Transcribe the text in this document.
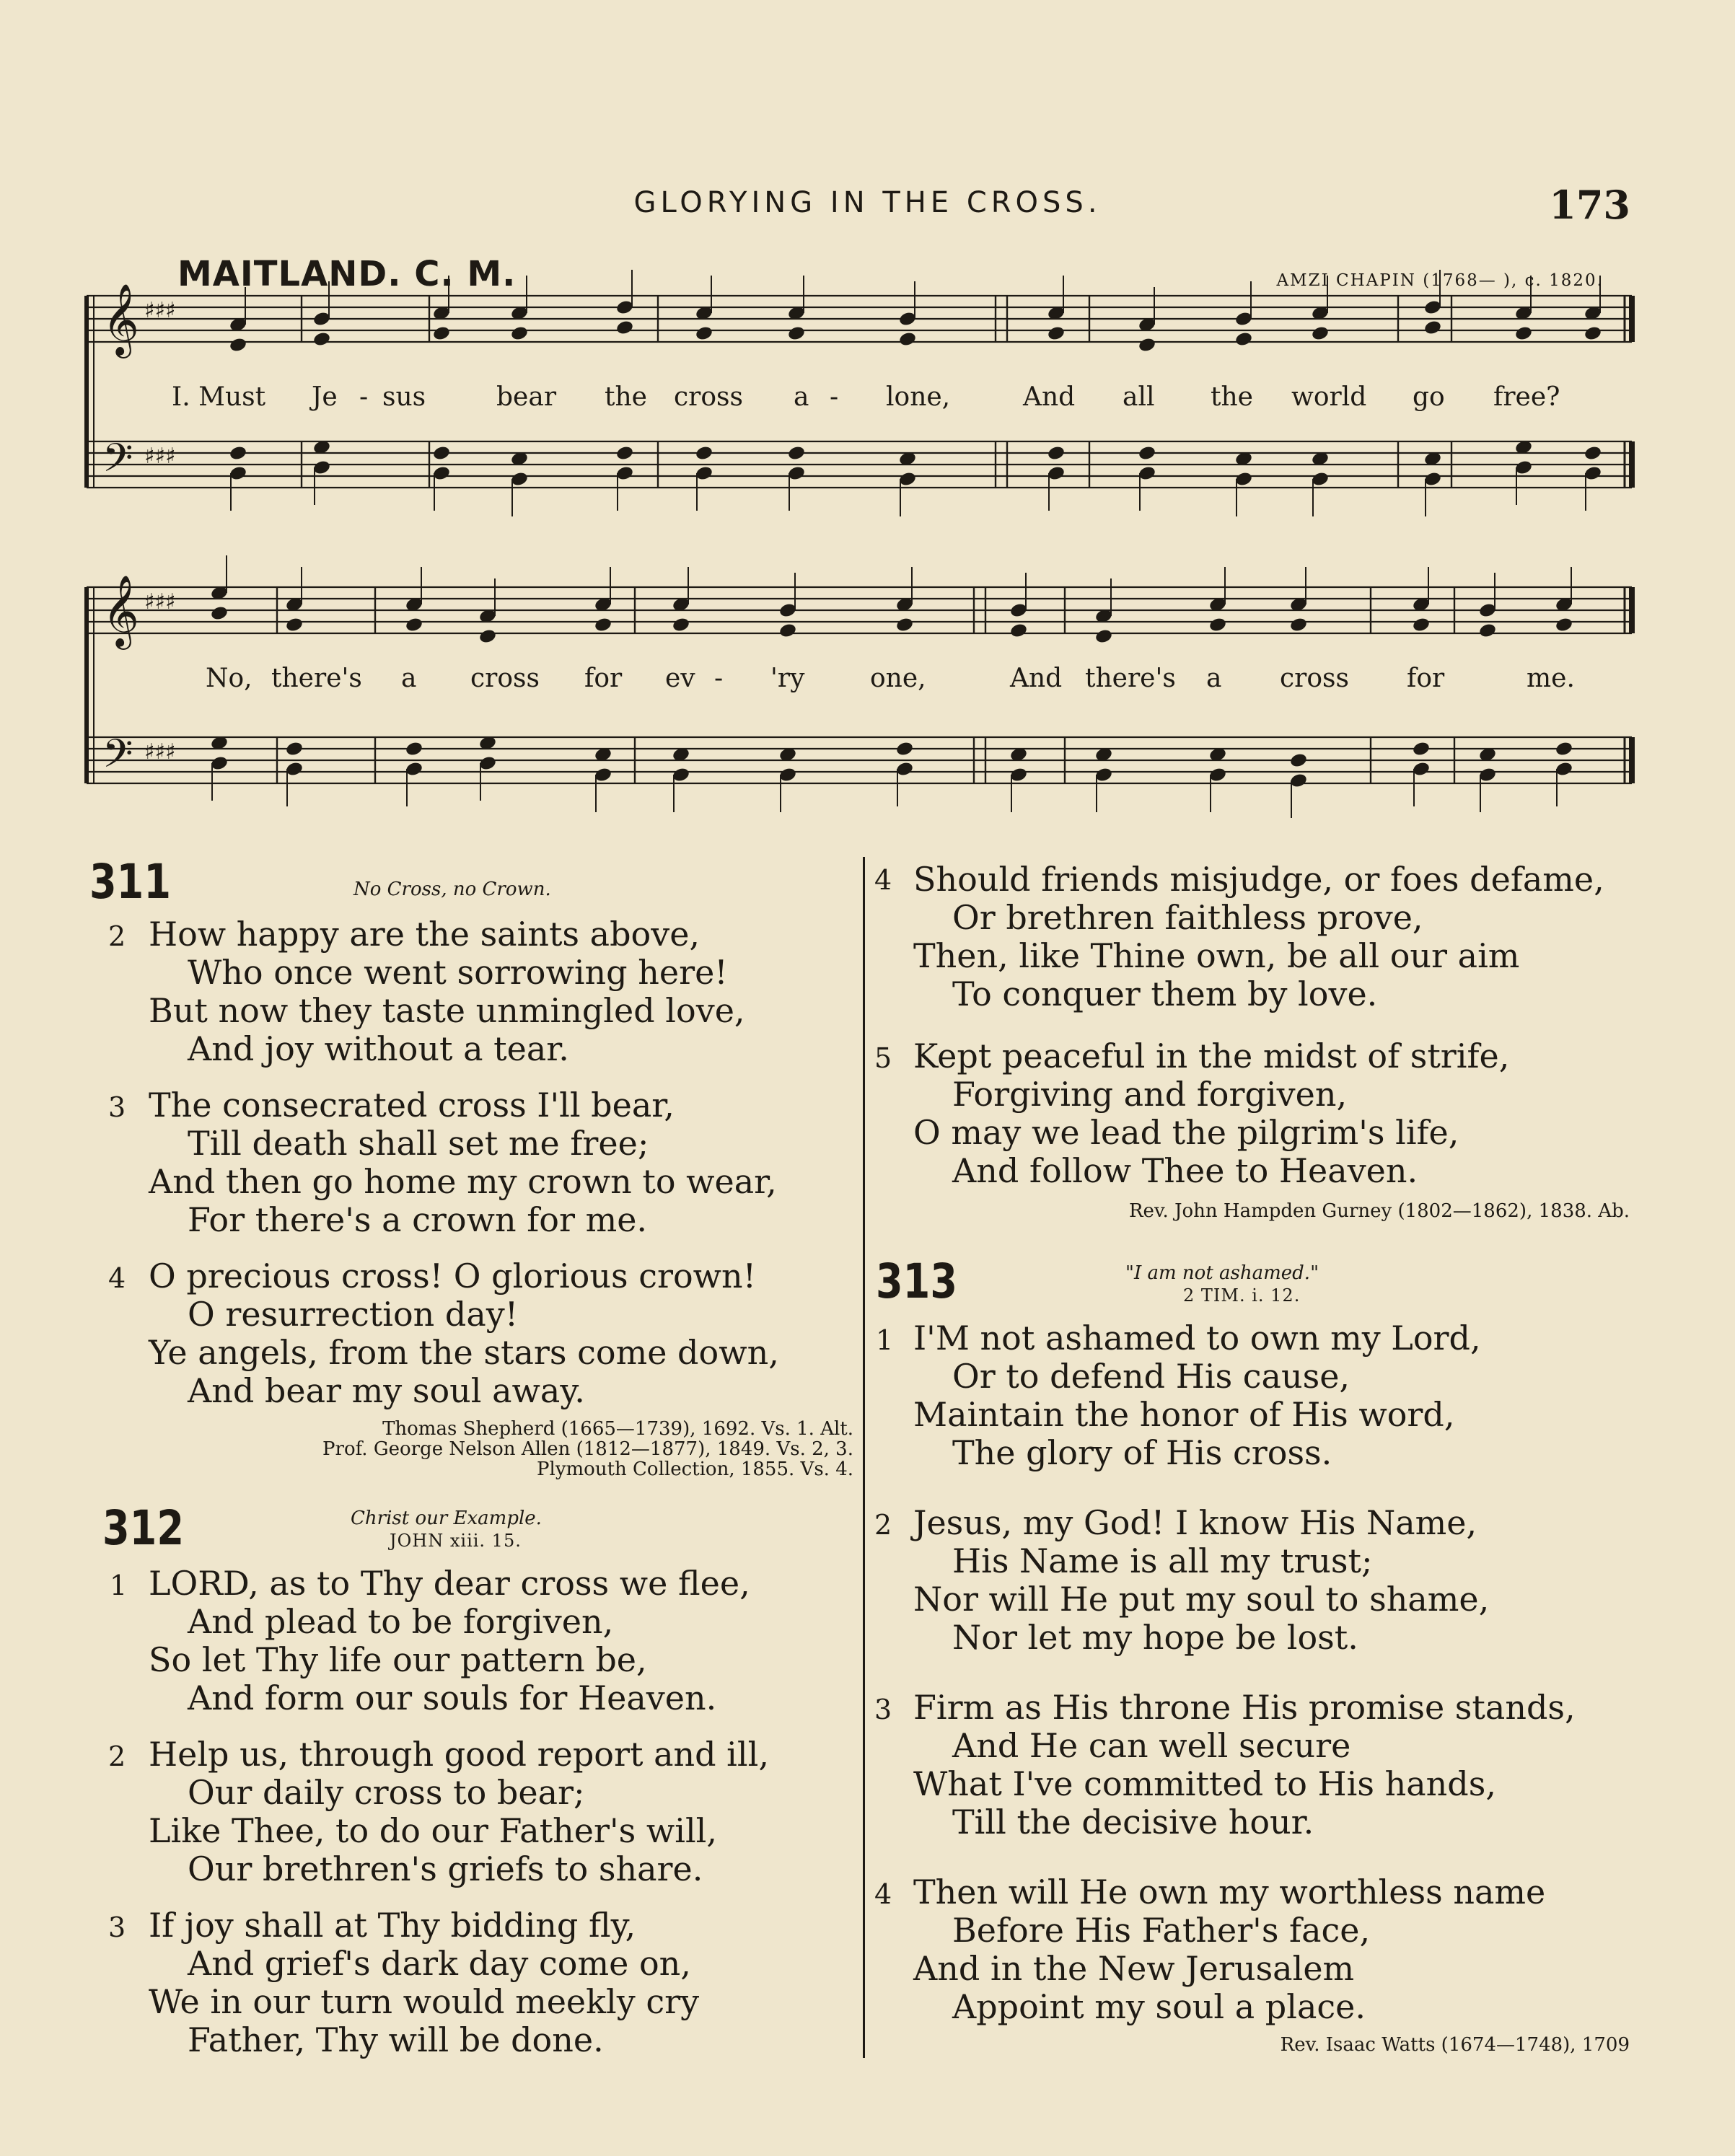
GLORYING IN THE CROSS.	173
MAITLAND. C. M.	AMZI CHAPIN (1768— ), c. 1820.
𝄞
𝄢
♯♯♯
♯♯♯
𝄞
𝄢
♯♯♯
♯♯♯
I. Must Je - sus	bear the cross a - lone,	And all the world go free?
No, there's a cross for ev - 'ry	one,	And there's a cross for	me.
311	No Cross, no Crown.
2 How happy are the saints above,
Who once went sorrowing here!
But now they taste unmingled love,
And joy without a tear.
3 The consecrated cross I'll bear,
Till death shall set me free;
And then go home my crown to wear,
For there's a crown for me.
4 O precious cross! O glorious crown!
O resurrection day!
Ye angels, from the stars come down,
And bear my soul away.
Thomas Shepherd (1665—1739), 1692. Vs. 1. Alt.
Prof. George Nelson Allen (1812—1877), 1849. Vs. 2, 3.
Plymouth Collection, 1855. Vs. 4.
312	Christ our Example.
JOHN xiii. 15.
1 LORD, as to Thy dear cross we flee,
And plead to be forgiven,
So let Thy life our pattern be,
And form our souls for Heaven.
2 Help us, through good report and ill,
Our daily cross to bear;
Like Thee, to do our Father's will,
Our brethren's griefs to share.
3 If joy shall at Thy bidding fly,
And grief's dark day come on,
We in our turn would meekly cry
Father, Thy will be done.
4 Should friends misjudge, or foes defame,
Or brethren faithless prove,
Then, like Thine own, be all our aim
To conquer them by love.
5 Kept peaceful in the midst of strife,
Forgiving and forgiven,
O may we lead the pilgrim's life,
And follow Thee to Heaven.
Rev. John Hampden Gurney (1802—1862), 1838. Ab.
313	"I am not ashamed."
2 TIM. i. 12.
1 I'M not ashamed to own my Lord,
Or to defend His cause,
Maintain the honor of His word,
The glory of His cross.
2 Jesus, my God! I know His Name,
His Name is all my trust;
Nor will He put my soul to shame,
Nor let my hope be lost.
3 Firm as His throne His promise stands,
And He can well secure
What I've committed to His hands,
Till the decisive hour.
4 Then will He own my worthless name
Before His Father's face,
And in the New Jerusalem
Appoint my soul a place.
Rev. Isaac Watts (1674—1748), 1709
